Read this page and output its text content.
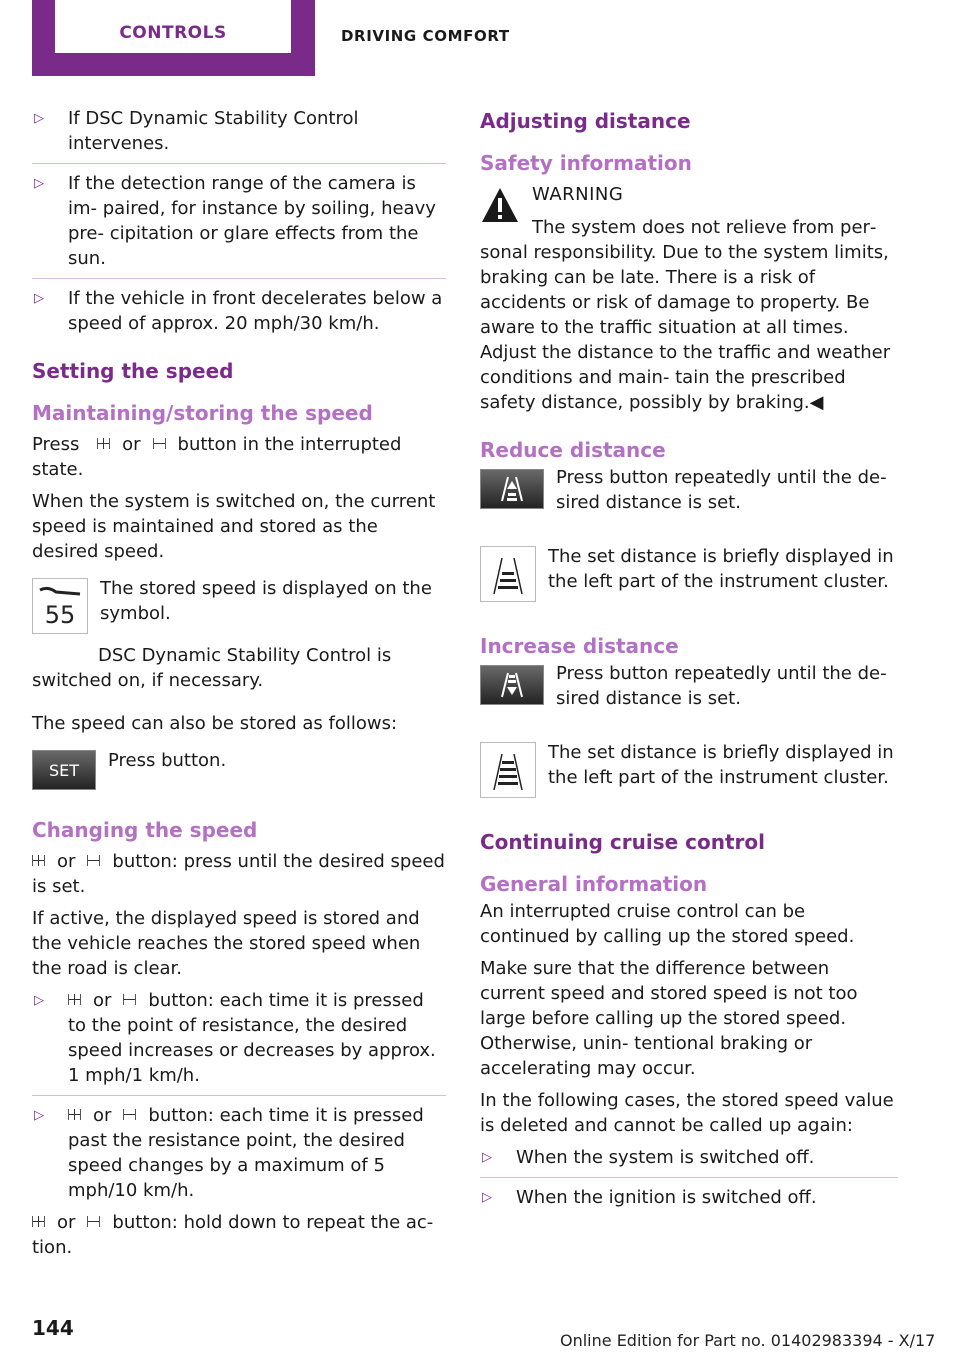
CONTROLS	DRIVING COMFORT
▷	If DSC Dynamic Stability Control intervenes.
▷	If the detection range of the camera is im‐ paired, for instance by soiling, heavy pre‐ cipitation or glare effects from the sun.
▷	If the vehicle in front decelerates below a speed of approx. 20 mph/30 km/h.
Setting the speed
Maintaining/storing the speed

Press or button in the interrupted state.

When the system is switched on, the current speed is maintained and stored as the desired speed.

55

The stored speed is displayed on the symbol.

DSC Dynamic Stability Control is switched on, if necessary.

The speed can also be stored as follows:

SET Press button.

Changing the speed

or button: press until the desired speed is set.

If active, the displayed speed is stored and the vehicle reaches the stored speed when the road is clear.

▷	or button: each time it is pressed to the point of resistance, the desired speed increases or decreases by approx. 1 mph/1 km/h.
▷	or button: each time it is pressed past the resistance point, the desired speed changes by a maximum of 5 mph/10 km/h.

or button: hold down to repeat the ac‐ tion.

Adjusting distance
Safety information

WARNING

The system does not relieve from per‐

sonal responsibility. Due to the system limits, braking can be late. There is a risk of accidents or risk of damage to property. Be aware to the traffic situation at all times. Adjust the distance to the traffic and weather conditions and main‐ tain the prescribed safety distance, possibly by braking.◀

Reduce distance

Press button repeatedly until the de‐ sired distance is set.

The set distance is briefly displayed in the left part of the instrument cluster.

Increase distance

Press button repeatedly until the de‐ sired distance is set.

The set distance is briefly displayed in the left part of the instrument cluster.

Continuing cruise control
General information

An interrupted cruise control can be continued by calling up the stored speed.

Make sure that the difference between current speed and stored speed is not too large before calling up the stored speed. Otherwise, unin‐ tentional braking or accelerating may occur.

In the following cases, the stored speed value is deleted and cannot be called up again:

▷	When the system is switched off.
▷	When the ignition is switched off.
144
Online Edition for Part no. 01402983394 - X/17
